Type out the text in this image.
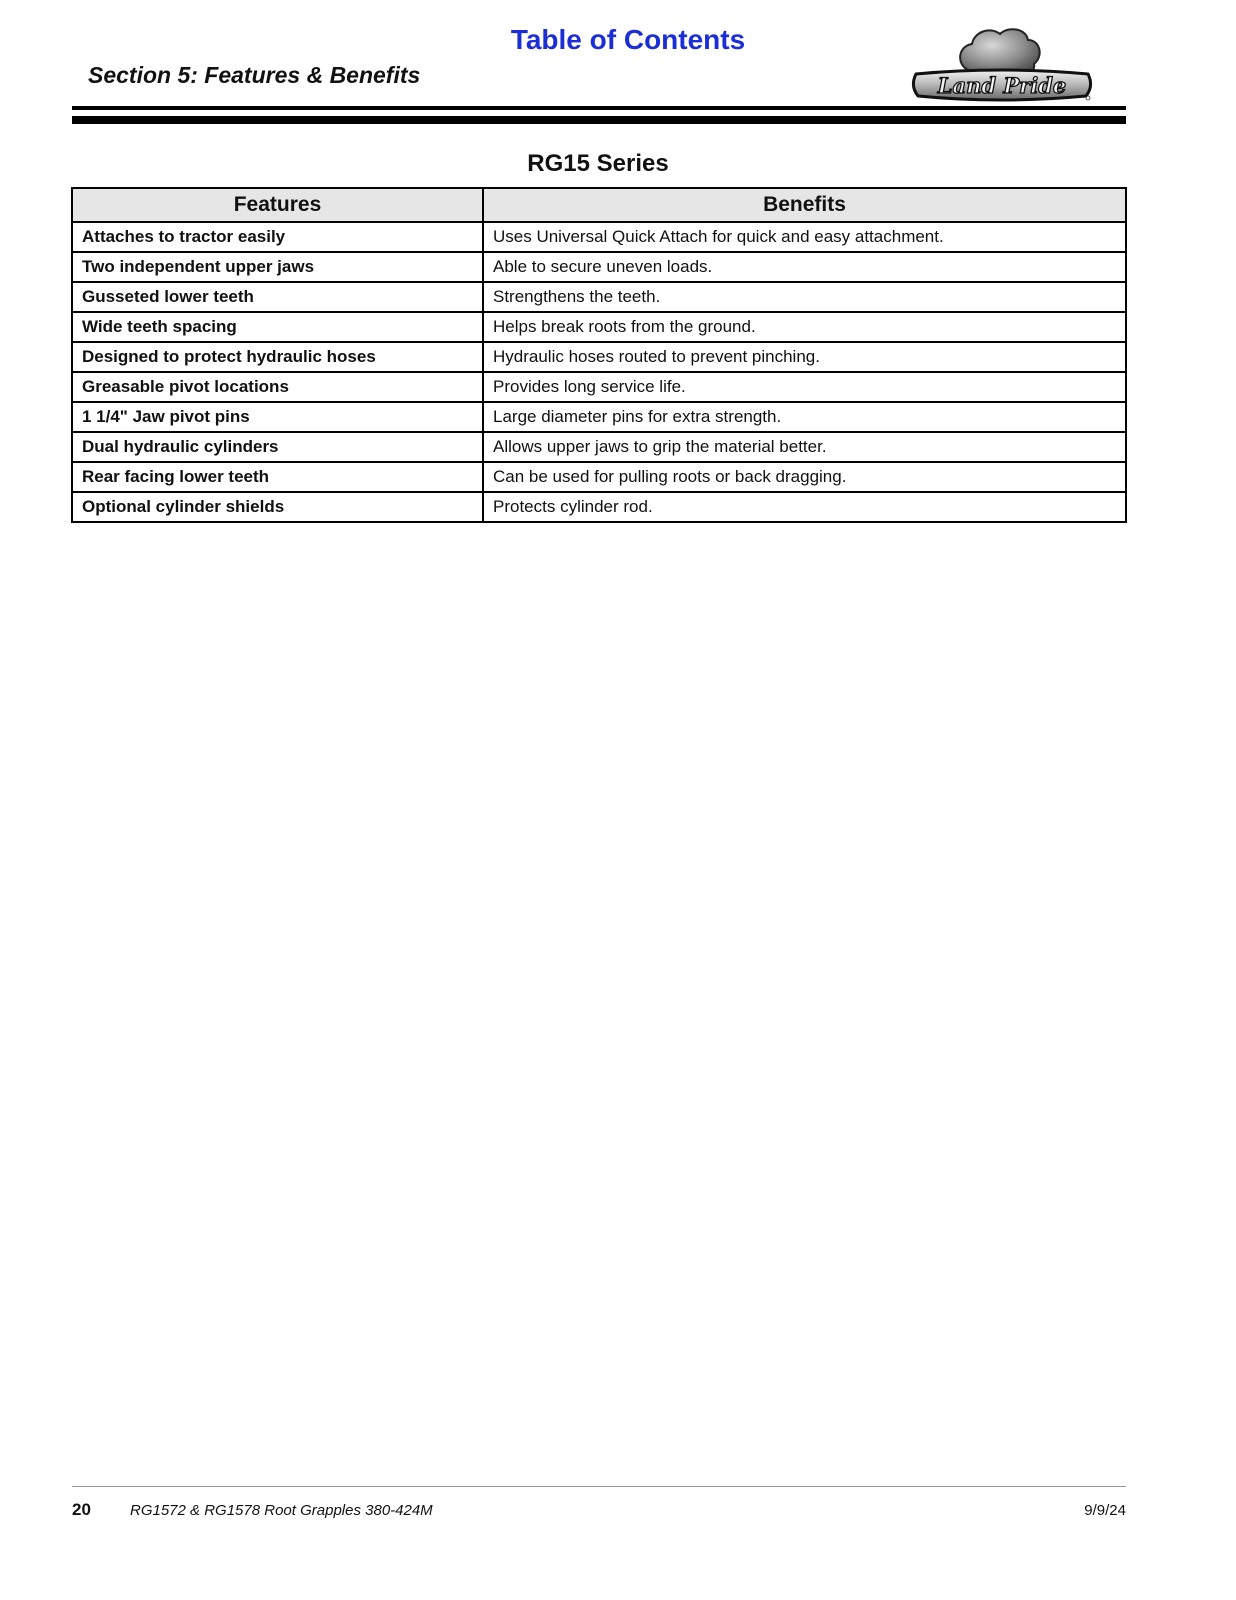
Table of Contents
Section 5: Features & Benefits	Land Pride
RG15 Series
Features	Benefits
Attaches to tractor easily	Uses Universal Quick Attach for quick and easy attachment.
Two independent upper jaws	Able to secure uneven loads.
Gusseted lower teeth	Strengthens the teeth.
Wide teeth spacing	Helps break roots from the ground.
Designed to protect hydraulic hoses	Hydraulic hoses routed to prevent pinching.
Greasable pivot locations	Provides long service life.
1 1/4" Jaw pivot pins	Large diameter pins for extra strength.
Dual hydraulic cylinders	Allows upper jaws to grip the material better.
Rear facing lower teeth	Can be used for pulling roots or back dragging.
Optional cylinder shields	Protects cylinder rod.
20	RG1572 & RG1578 Root Grapples 380-424M	9/9/24
